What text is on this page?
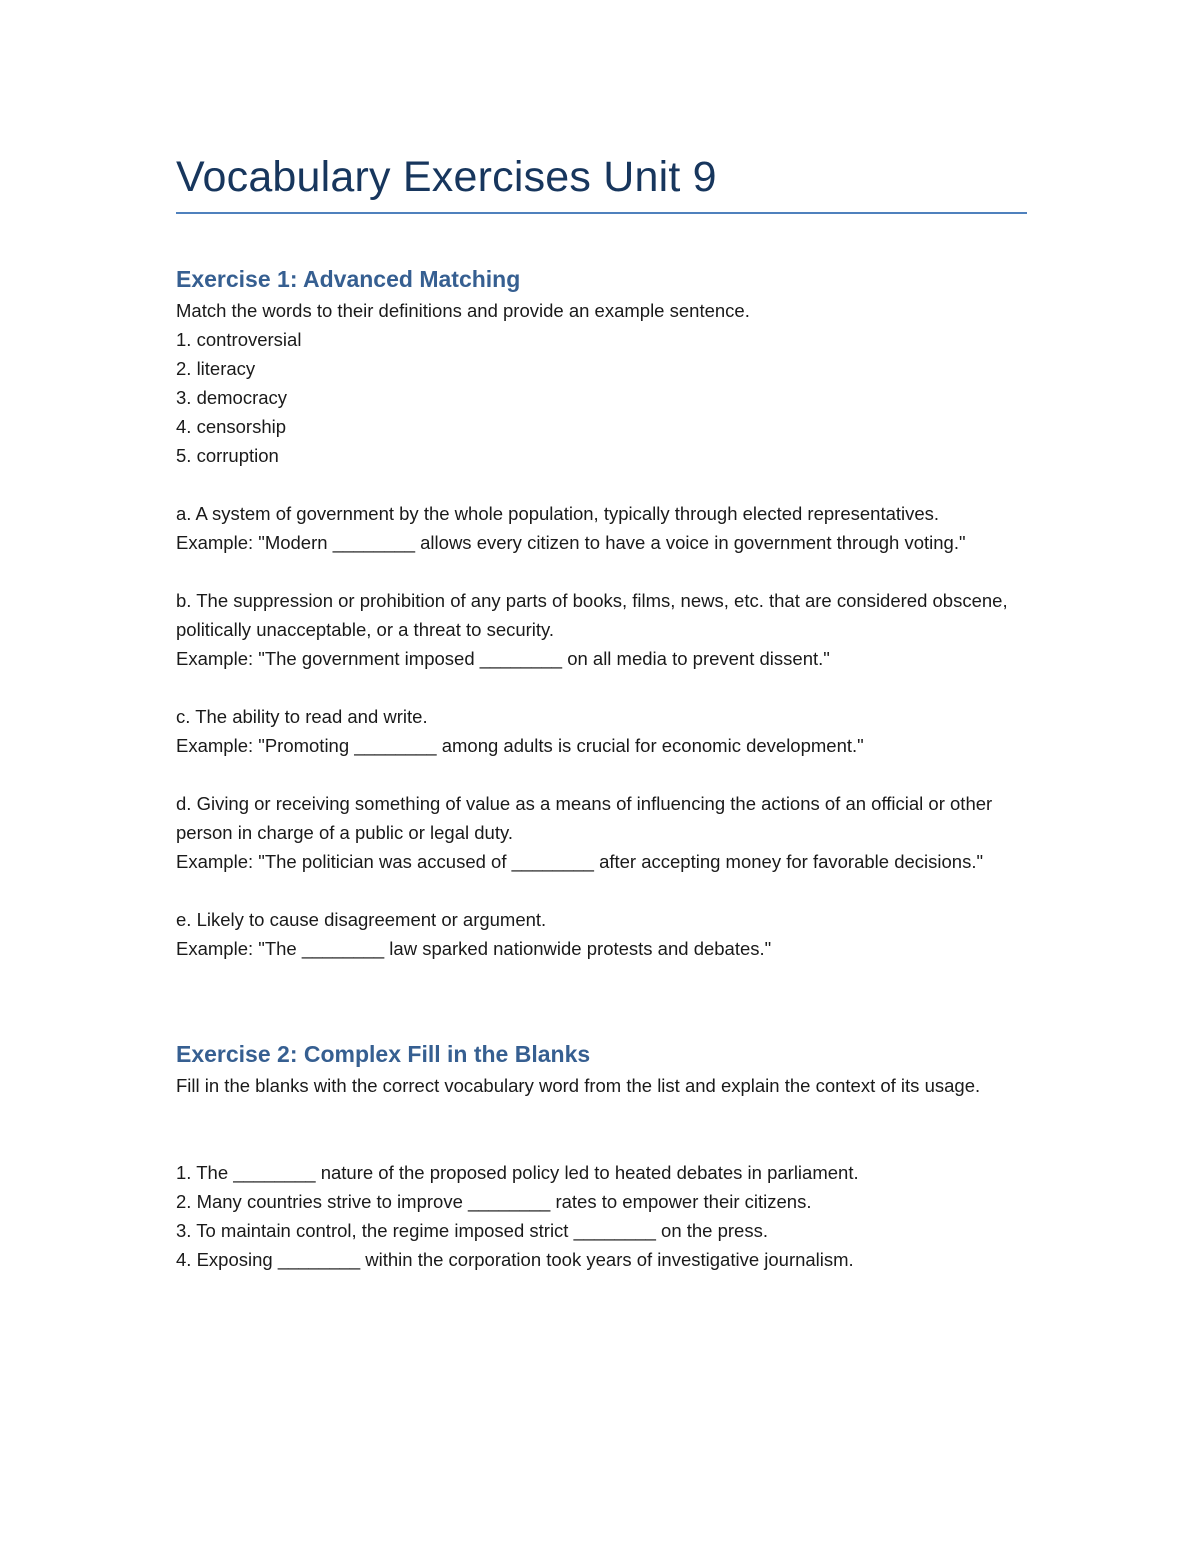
Vocabulary Exercises Unit 9
Exercise 1: Advanced Matching

Match the words to their definitions and provide an example sentence.

1. controversial

2. literacy

3. democracy

4. censorship

5. corruption

a. A system of government by the whole population, typically through elected representatives.

Example: "Modern ________ allows every citizen to have a voice in government through voting."

b. The suppression or prohibition of any parts of books, films, news, etc. that are considered obscene, politically unacceptable, or a threat to security.

Example: "The government imposed ________ on all media to prevent dissent."

c. The ability to read and write.

Example: "Promoting ________ among adults is crucial for economic development."

d. Giving or receiving something of value as a means of influencing the actions of an official or other person in charge of a public or legal duty.

Example: "The politician was accused of ________ after accepting money for favorable decisions."

e. Likely to cause disagreement or argument.

Example: "The ________ law sparked nationwide protests and debates."

Exercise 2: Complex Fill in the Blanks

Fill in the blanks with the correct vocabulary word from the list and explain the context of its usage.

1. The ________ nature of the proposed policy led to heated debates in parliament.

2. Many countries strive to improve ________ rates to empower their citizens.

3. To maintain control, the regime imposed strict ________ on the press.

4. Exposing ________ within the corporation took years of investigative journalism.
